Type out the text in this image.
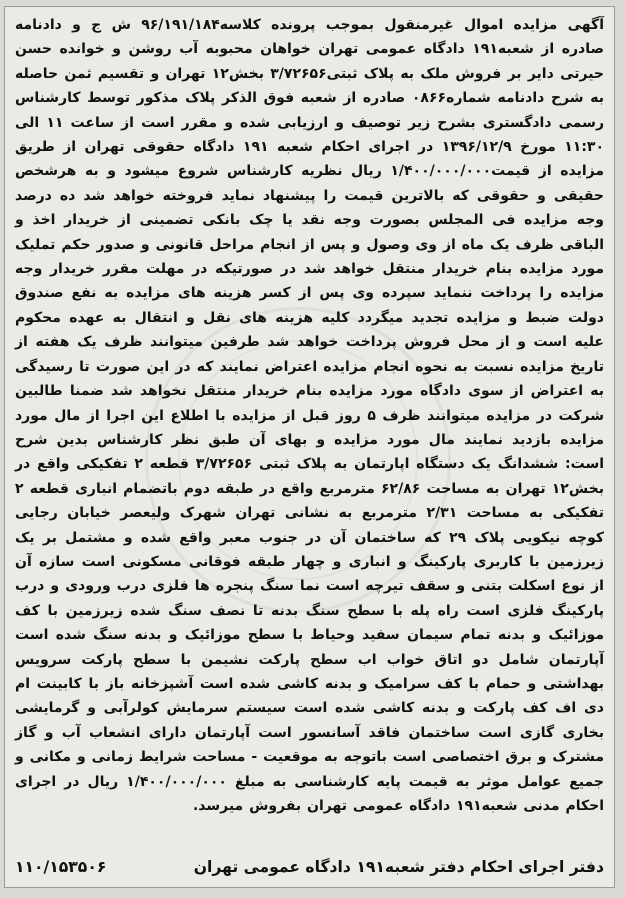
آگهی مزایده اموال غیرمنقول بموجب پرونده کلاسه۹۶/۱۹۱/۱۸۴ ش ج و دادنامه صادره از شعبه۱۹۱ دادگاه عمومی تهران خواهان محبوبه آب روشن و خوانده حسن حیرتی دایر بر فروش ملک به پلاک ثبتی۳/۷۲۶۵۶ بخش۱۲ تهران و تقسیم ثمن حاصله به شرح دادنامه شماره۰۸۶۶ صادره از شعبه فوق الذکر پلاک مذکور توسط کارشناس رسمی دادگستری بشرح زیر توصیف و ارزیابی شده و مقرر است از ساعت ۱۱ الی ۱۱:۳۰ مورخ ۱۳۹۶/۱۲/۹ در اجرای احکام شعبه ۱۹۱ دادگاه حقوقی تهران از طریق مزایده از قیمت۱/۴۰۰/۰۰۰/۰۰۰ ریال نظریه کارشناس شروع میشود و به هرشخص حقیقی و حقوقی که بالاترین قیمت را پیشنهاد نماید فروخته خواهد شد ده درصد وجه مزایده فی المجلس بصورت وجه نقد یا چک بانکی تضمینی از خریدار اخذ و الباقی ظرف یک ماه از وی وصول و پس از انجام مراحل قانونی و صدور حکم تملیک مورد مزایده بنام خریدار منتقل خواهد شد در صورتیکه در مهلت مقرر خریدار وجه مزایده را پرداخت ننماید سپرده وی پس از کسر هزینه های مزایده به نفع صندوق دولت ضبط و مزایده تجدید میگردد کلیه هزینه های نقل و انتقال به عهده محکوم علیه است و از محل فروش پرداخت خواهد شد طرفین میتوانند ظرف یک هفته از تاریخ مزایده نسبت به نحوه انجام مزایده اعتراض نمایند که در این صورت تا رسیدگی به اعتراض از سوی دادگاه مورد مزایده بنام خریدار منتقل نخواهد شد ضمنا طالبین شرکت در مزایده میتوانند ظرف ۵ روز قبل از مزایده با اطلاع این اجرا از مال مورد مزایده بازدید نمایند مال مورد مزایده و بهای آن طبق نظر کارشناس بدین شرح است: ششدانگ یک دستگاه اپارتمان به پلاک ثبتی ۳/۷۲۶۵۶ قطعه ۲ تفکیکی واقع در بخش۱۲ تهران به مساحت ۶۲/۸۶ مترمربع واقع در طبقه دوم باتضمام انباری قطعه ۲ تفکیکی به مساحت ۲/۳۱ مترمربع به نشانی تهران شهرک ولیعصر خیابان رجایی کوچه نیکویی پلاک ۲۹ که ساختمان آن در جنوب معبر واقع شده و مشتمل بر یک زیرزمین با کاربری پارکینگ و انباری و چهار طبقه فوقانی مسکونی است سازه آن از نوع اسکلت بتنی و سقف تیرچه است نما سنگ پنجره ها فلزی درب ورودی و درب پارکینگ فلزی است راه پله با سطح سنگ بدنه تا نصف سنگ شده زیرزمین با کف موزائیک و بدنه تمام سیمان سفید وحیاط با سطح موزائیک و بدنه سنگ شده است آپارتمان شامل دو اتاق خواب اب سطح پارکت نشیمن با سطح پارکت سرویس بهداشتی و حمام با کف سرامیک و بدنه کاشی شده است آشپزخانه باز با کابینت ام دی اف کف پارکت و بدنه کاشی شده است سیستم سرمایش کولرآبی و گرمایشی بخاری گازی است ساختمان فاقد آسانسور است آپارتمان دارای انشعاب آب و گاز مشترک و برق اختصاصی است باتوجه به موقعیت - مساحت شرایط زمانی و مکانی و جمیع عوامل موثر به قیمت پایه کارشناسی به مبلغ ۱/۴۰۰/۰۰۰/۰۰۰ ریال در اجرای احکام مدنی شعبه۱۹۱ دادگاه عمومی تهران بفروش میرسد.
دفتر اجرای احکام دفتر شعبه۱۹۱ دادگاه عمومی تهران
۱۱۰/۱۵۳۵۰۶
